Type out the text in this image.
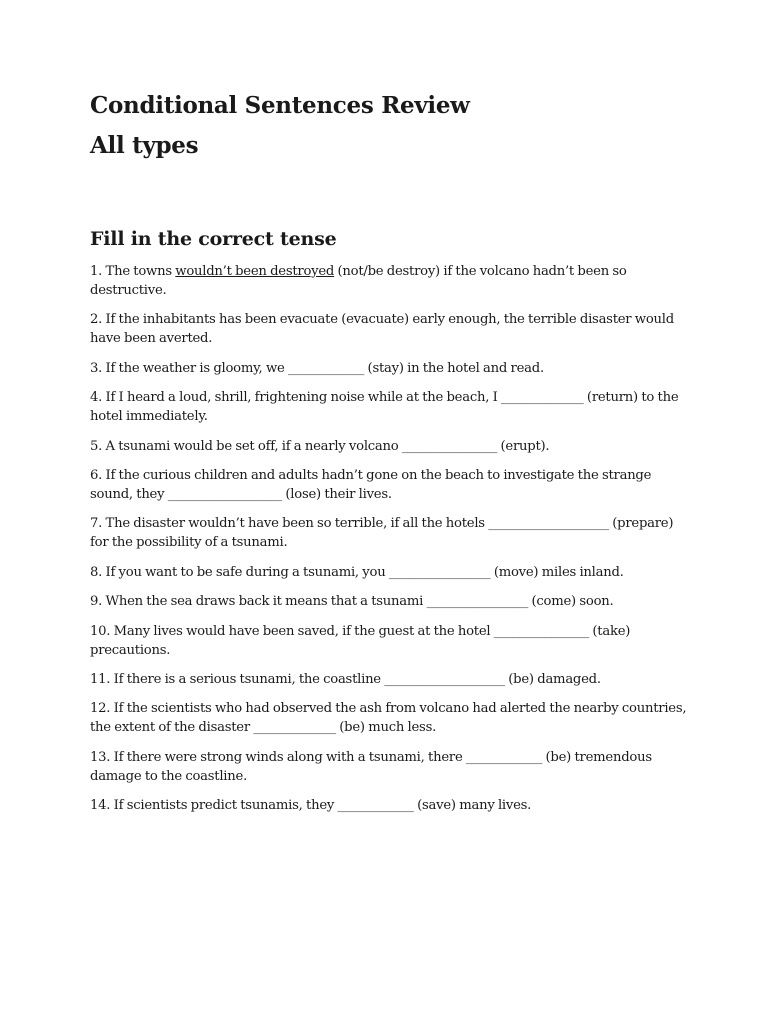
Conditional Sentences Review
All types
Fill in the correct tense
1. The towns wouldn’t been destroyed (not/be destroy) if the volcano hadn’t been so destructive.
2. If the inhabitants has been evacuate (evacuate) early enough, the terrible disaster would have been averted.
3. If the weather is gloomy, we ____________ (stay) in the hotel and read.
4. If I heard a loud, shrill, frightening noise while at the beach, I _____________ (return) to the hotel immediately.
5. A tsunami would be set off, if a nearly volcano _______________ (erupt).
6. If the curious children and adults hadn’t gone on the beach to investigate the strange sound, they __________________ (lose) their lives.
7. The disaster wouldn’t have been so terrible, if all the hotels ___________________ (prepare) for the possibility of a tsunami.
8. If you want to be safe during a tsunami, you ________________ (move) miles inland.
9. When the sea draws back it means that a tsunami ________________ (come) soon.
10. Many lives would have been saved, if the guest at the hotel _______________ (take) precautions.
11. If there is a serious tsunami, the coastline ___________________ (be) damaged.
12. If the scientists who had observed the ash from volcano had alerted the nearby countries, the extent of the disaster _____________ (be) much less.
13. If there were strong winds along with a tsunami, there ____________ (be) tremendous damage to the coastline.
14. If scientists predict tsunamis, they ____________ (save) many lives.
